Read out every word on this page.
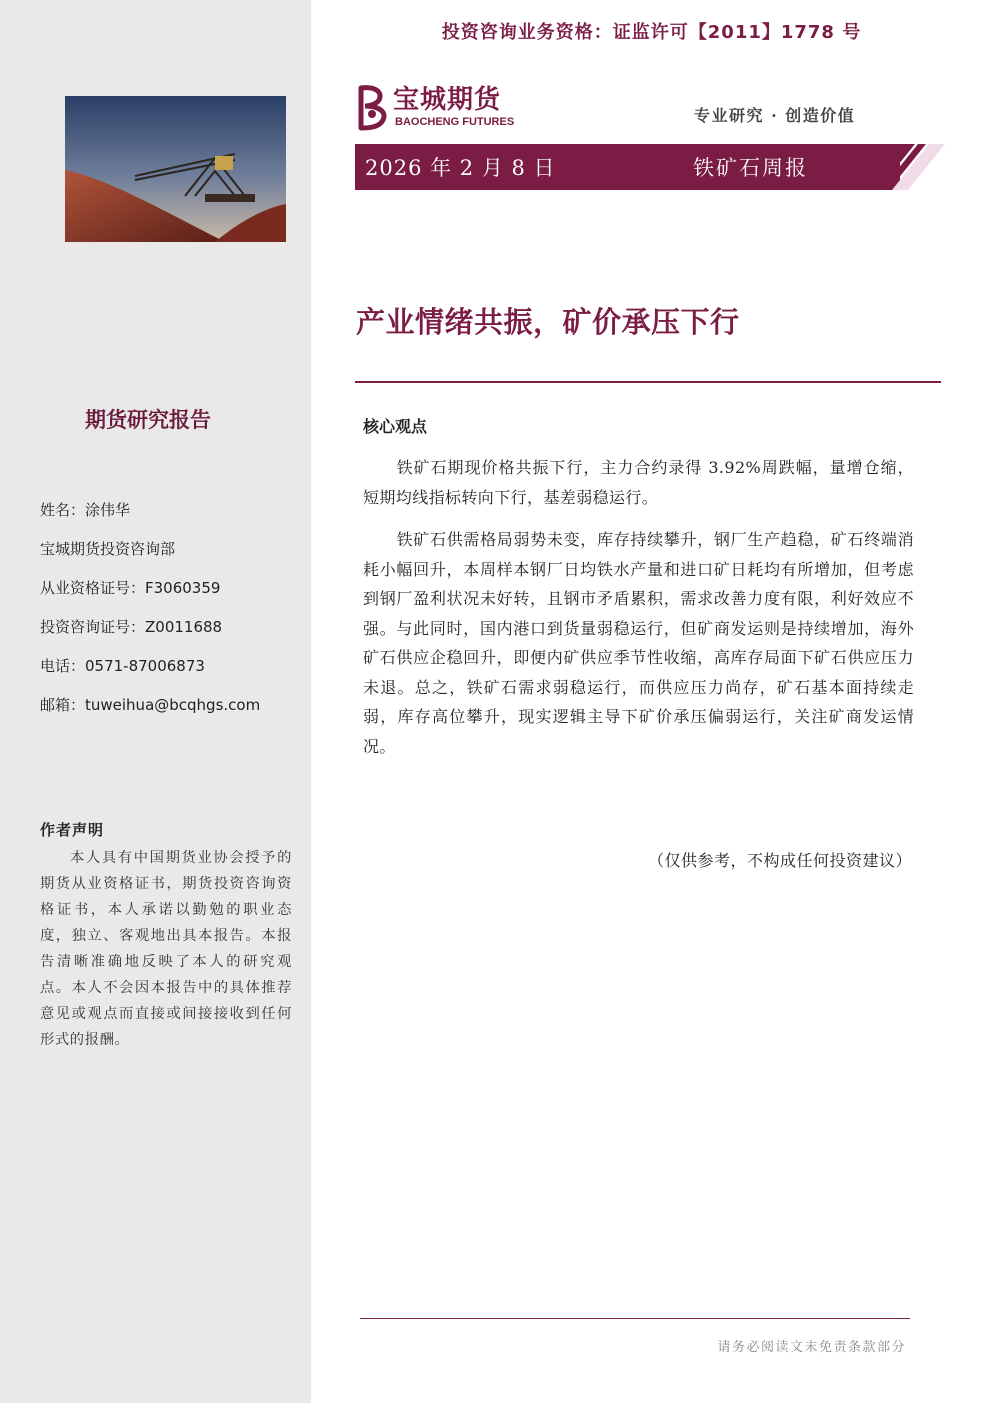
期货研究报告
姓名：涂伟华
宝城期货投资咨询部
从业资格证号：F3060359
投资咨询证号：Z0011688
电话：0571-87006873
邮箱：tuweihua@bcqhgs.com
作者声明
本人具有中国期货业协会授予的期货从业资格证书，期货投资咨询资格证书，本人承诺以勤勉的职业态度，独立、客观地出具本报告。本报告清晰准确地反映了本人的研究观点。本人不会因本报告中的具体推荐意见或观点而直接或间接接收到任何形式的报酬。
投资咨询业务资格：证监许可【2011】1778 号
宝城期货
BAOCHENG FUTURES	专业研究 · 创造价值
2026 年 2 月 8 日	铁矿石周报
产业情绪共振，矿价承压下行
核心观点

铁矿石期现价格共振下行，主力合约录得 3.92%周跌幅，量增仓缩，短期均线指标转向下行，基差弱稳运行。

铁矿石供需格局弱势未变，库存持续攀升，钢厂生产趋稳，矿石终端消耗小幅回升，本周样本钢厂日均铁水产量和进口矿日耗均有所增加，但考虑到钢厂盈利状况未好转，且钢市矛盾累积，需求改善力度有限，利好效应不强。与此同时，国内港口到货量弱稳运行，但矿商发运则是持续增加，海外矿石供应企稳回升，即便内矿供应季节性收缩，高库存局面下矿石供应压力未退。总之，铁矿石需求弱稳运行，而供应压力尚存，矿石基本面持续走弱，库存高位攀升，现实逻辑主导下矿价承压偏弱运行，关注矿商发运情况。

（仅供参考，不构成任何投资建议）
请务必阅读文末免责条款部分
